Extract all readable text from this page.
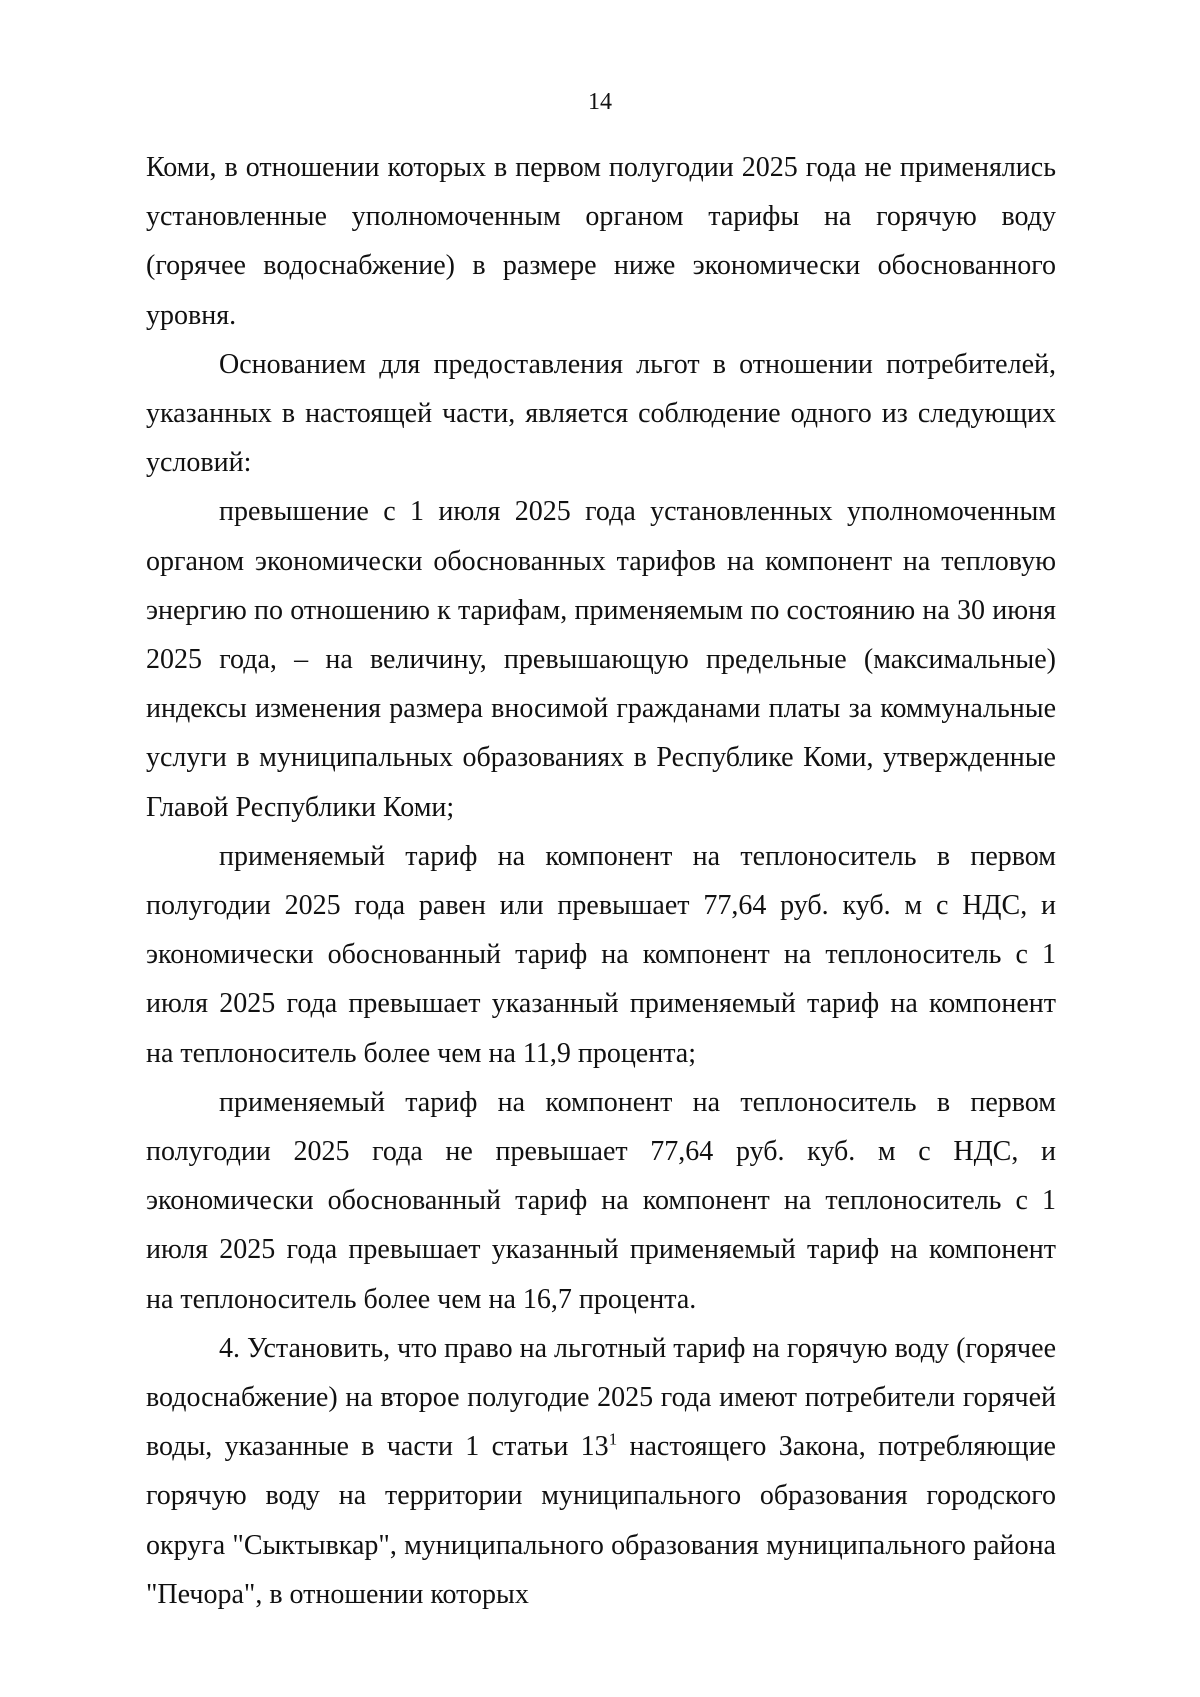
14

Коми, в отношении которых в первом полугодии 2025 года не применялись установленные уполномоченным органом тарифы на горячую воду (горячее водоснабжение) в размере ниже экономически обоснованного уровня.

Основанием для предоставления льгот в отношении потребителей, указанных в настоящей части, является соблюдение одного из следующих условий:

превышение с 1 июля 2025 года установленных уполномоченным органом экономически обоснованных тарифов на компонент на тепловую энергию по отношению к тарифам, применяемым по состоянию на 30 июня 2025 года, – на величину, превышающую предельные (максимальные) индексы изменения размера вносимой гражданами платы за коммунальные услуги в муниципальных образованиях в Республике Коми, утвержденные Главой Республики Коми;

применяемый тариф на компонент на теплоноситель в первом полугодии 2025 года равен или превышает 77,64 руб. куб. м с НДС, и экономически обоснованный тариф на компонент на теплоноситель с 1 июля 2025 года превышает указанный применяемый тариф на компонент на теплоноситель более чем на 11,9 процента;

применяемый тариф на компонент на теплоноситель в первом полугодии 2025 года не превышает 77,64 руб. куб. м с НДС, и экономически обоснованный тариф на компонент на теплоноситель с 1 июля 2025 года превышает указанный применяемый тариф на компонент на теплоноситель более чем на 16,7 процента.

4. Установить, что право на льготный тариф на горячую воду (горячее водоснабжение) на второе полугодие 2025 года имеют потребители горячей воды, указанные в части 1 статьи $13^1$ настоящего Закона, потребляющие горячую воду на территории муниципального образования городского округа "Сыктывкар", муниципального образования муниципального района "Печора", в отношении которых
